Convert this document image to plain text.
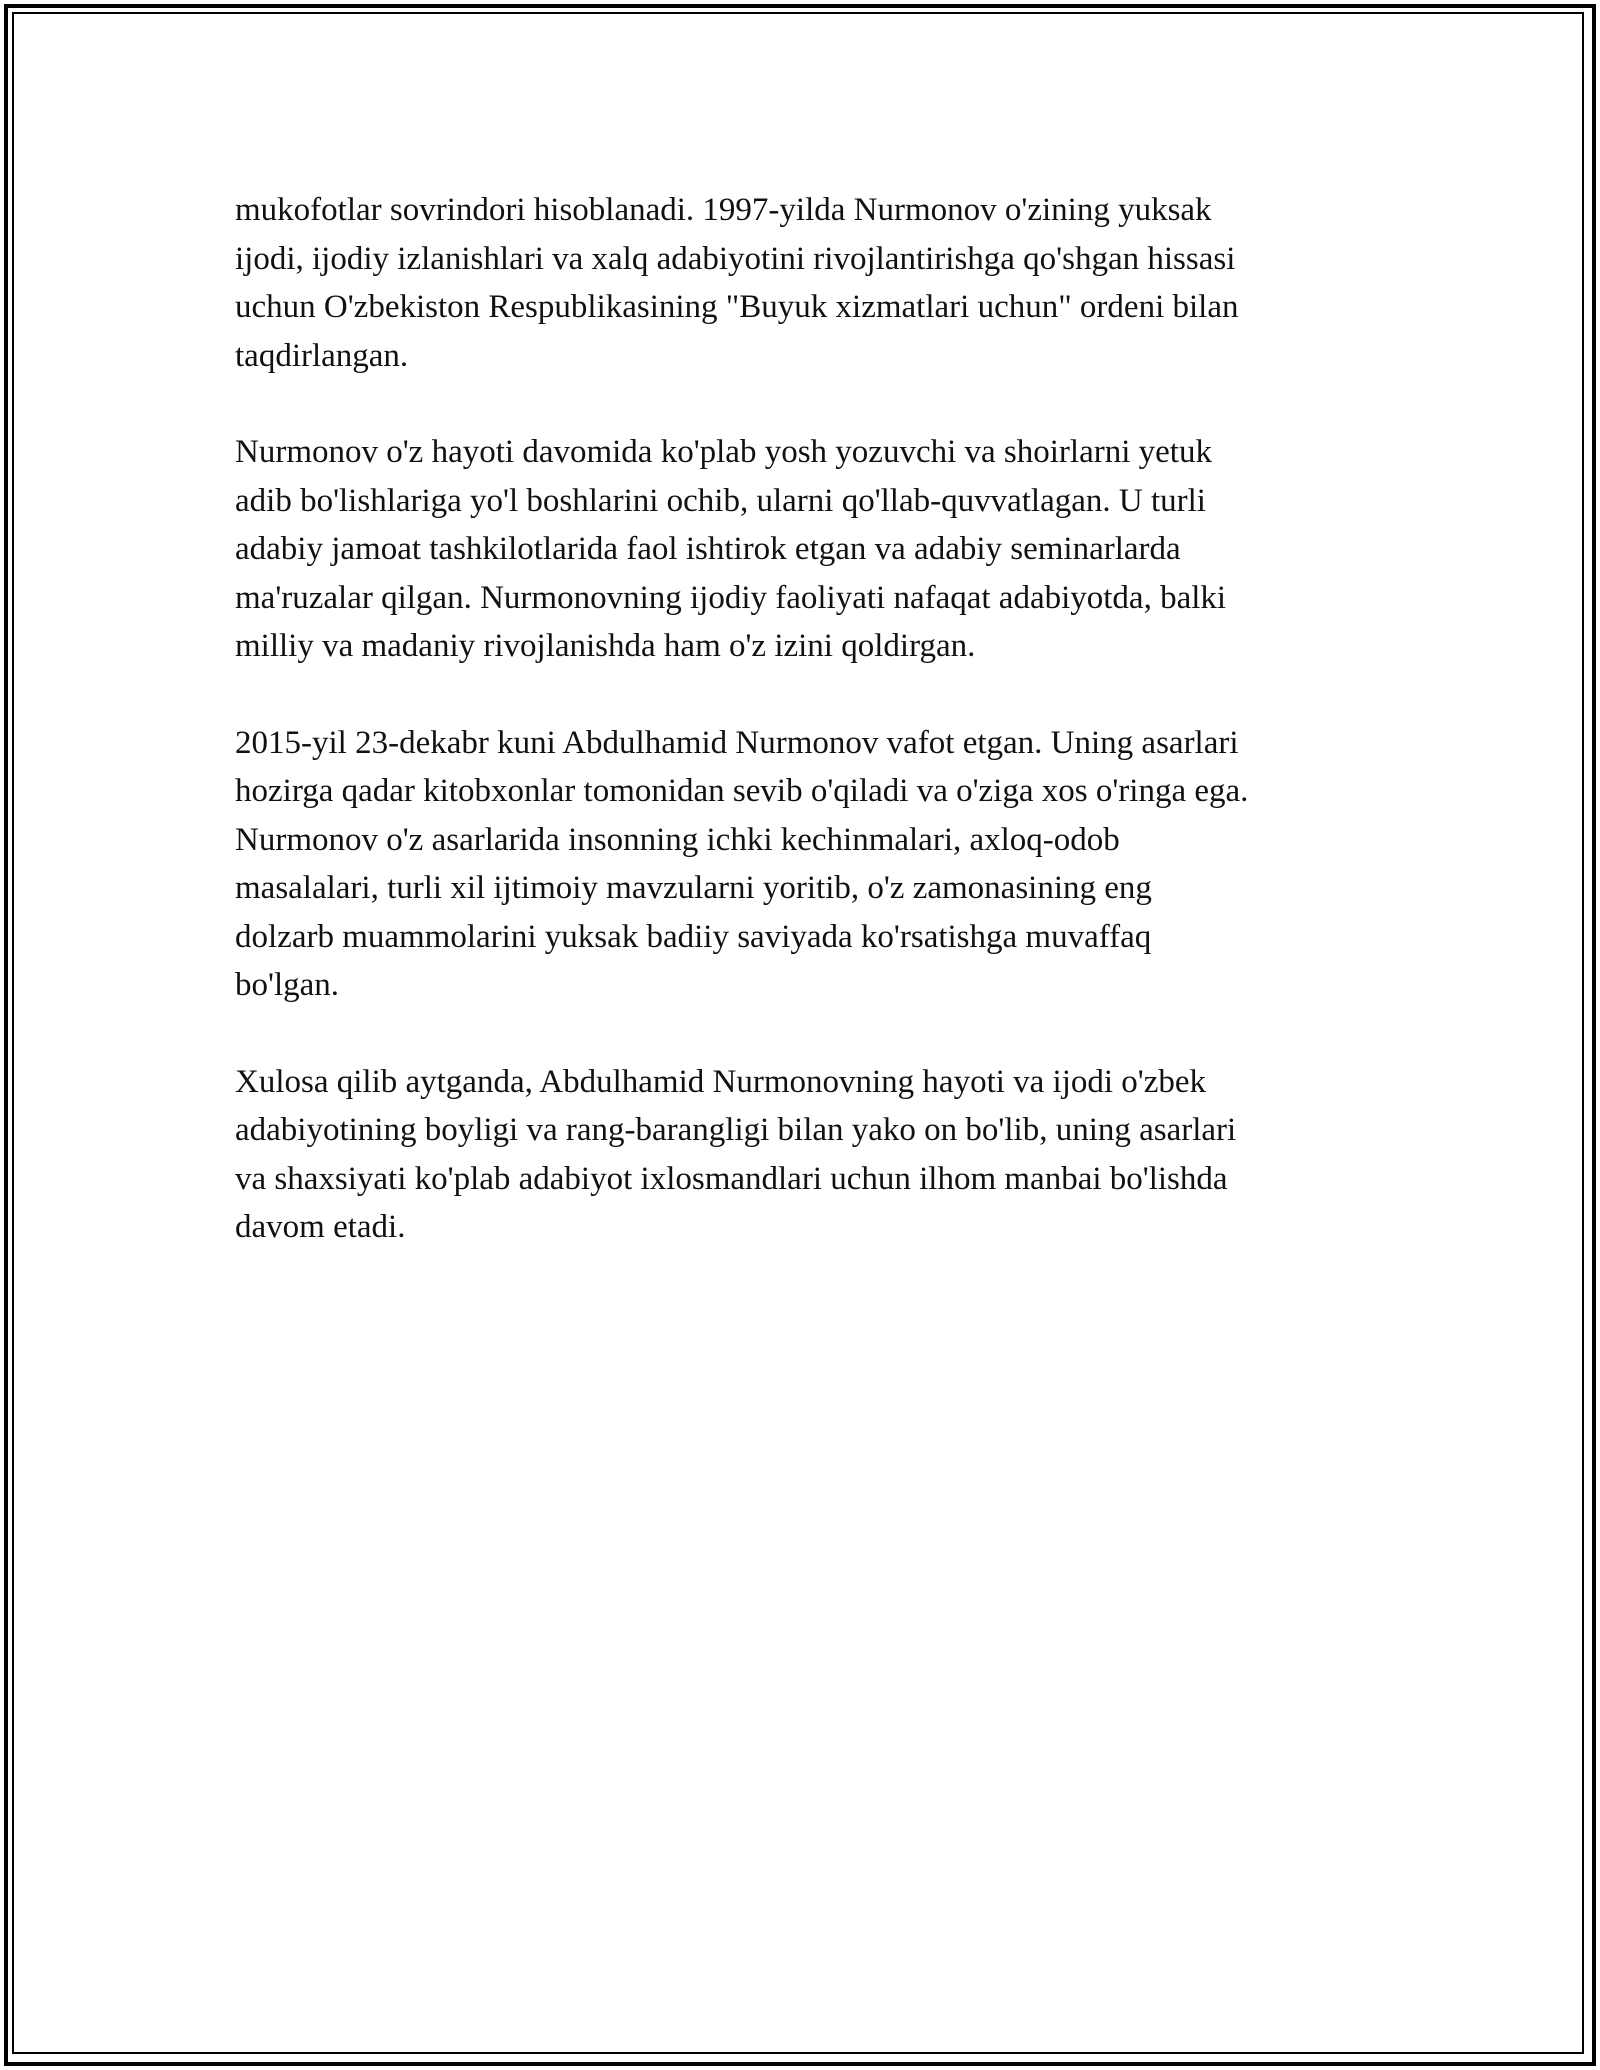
mukofotlar sovrindori hisoblanadi. 1997-yilda Nurmonov o'zining yuksak
ijodi, ijodiy izlanishlari va xalq adabiyotini rivojlantirishga qo'shgan hissasi
uchun O'zbekiston Respublikasining "Buyuk xizmatlari uchun" ordeni bilan
taqdirlangan.

Nurmonov o'z hayoti davomida ko'plab yosh yozuvchi va shoirlarni yetuk
adib bo'lishlariga yo'l boshlarini ochib, ularni qo'llab-quvvatlagan. U turli
adabiy jamoat tashkilotlarida faol ishtirok etgan va adabiy seminarlarda
ma'ruzalar qilgan. Nurmonovning ijodiy faoliyati nafaqat adabiyotda, balki
milliy va madaniy rivojlanishda ham o'z izini qoldirgan.

2015-yil 23-dekabr kuni Abdulhamid Nurmonov vafot etgan. Uning asarlari
hozirga qadar kitobxonlar tomonidan sevib o'qiladi va o'ziga xos o'ringa ega.
Nurmonov o'z asarlarida insonning ichki kechinmalari, axloq-odob
masalalari, turli xil ijtimoiy mavzularni yoritib, o'z zamonasining eng
dolzarb muammolarini yuksak badiiy saviyada ko'rsatishga muvaffaq
bo'lgan.

Xulosa qilib aytganda, Abdulhamid Nurmonovning hayoti va ijodi o'zbek
adabiyotining boyligi va rang-barangligi bilan yako on bo'lib, uning asarlari
va shaxsiyati ko'plab adabiyot ixlosmandlari uchun ilhom manbai bo'lishda
davom etadi.
